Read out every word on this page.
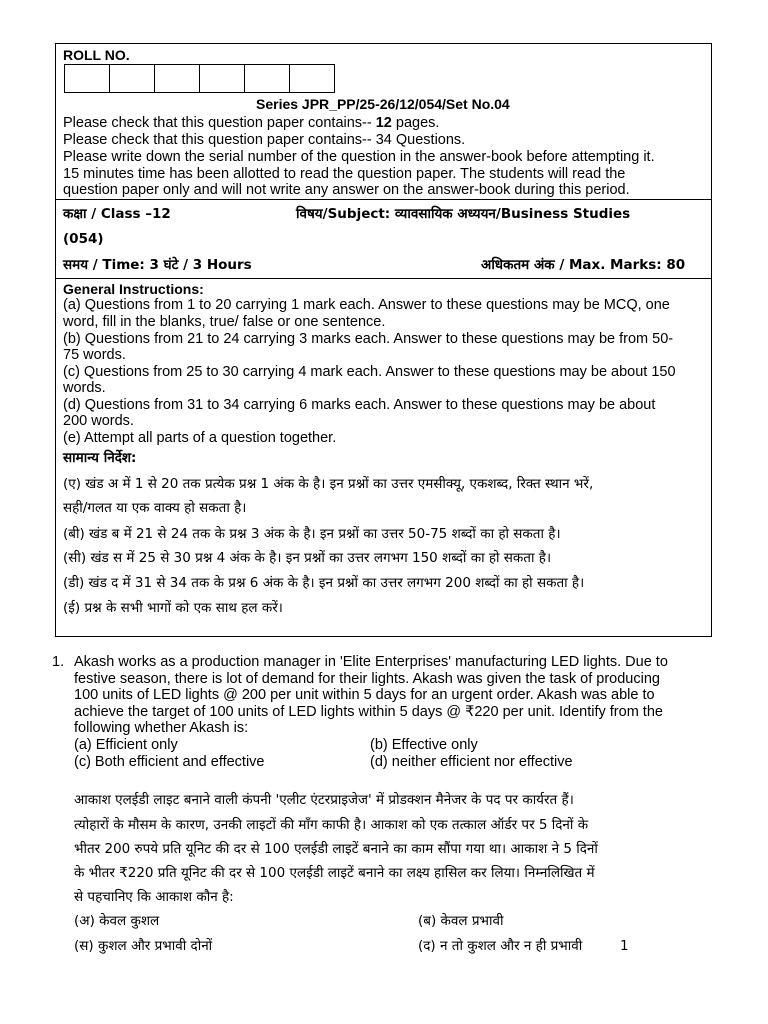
ROLL NO.
Series JPR_PP/25-26/12/054/Set No.04
Please check that this question paper contains-- 12 pages.
Please check that this question paper contains-- 34 Questions.
Please write down the serial number of the question in the answer-book before attempting it.
15 minutes time has been allotted to read the question paper. The students will read the
question paper only and will not write any answer on the answer-book during this period.
कक्षा / Class –12	विषय/Subject: व्यावसायिक अध्ययन/Business Studies
(054)
समय / Time: 3 घंटे / 3 Hours	अधिकतम अंक / Max. Marks: 80
General Instructions:
(a) Questions from 1 to 20 carrying 1 mark each. Answer to these questions may be MCQ, one
word, fill in the blanks, true/ false or one sentence.
(b) Questions from 21 to 24 carrying 3 marks each. Answer to these questions may be from 50-
75 words.
(c) Questions from 25 to 30 carrying 4 mark each. Answer to these questions may be about 150
words.
(d) Questions from 31 to 34 carrying 6 marks each. Answer to these questions may be about
200 words.
(e) Attempt all parts of a question together.
सामान्य निर्देश:
(ए) खंड अ में 1 से 20 तक प्रत्येक प्रश्न 1 अंक के है। इन प्रश्नों का उत्तर एमसीक्यू, एकशब्द, रिक्त स्थान भरें,
सही/गलत या एक वाक्य हो सकता है।
(बी) खंड ब में 21 से 24 तक के प्रश्न 3 अंक के है। इन प्रश्नों का उत्तर 50-75 शब्दों का हो सकता है।
(सी) खंड स में 25 से 30 प्रश्न 4 अंक के है। इन प्रश्नों का उत्तर लगभग 150 शब्दों का हो सकता है।
(डी) खंड द में 31 से 34 तक के प्रश्न 6 अंक के है। इन प्रश्नों का उत्तर लगभग 200 शब्दों का हो सकता है।
(ई) प्रश्न के सभी भागों को एक साथ हल करें।
1. Akash works as a production manager in 'Elite Enterprises' manufacturing LED lights. Due to
festive season, there is lot of demand for their lights. Akash was given the task of producing
100 units of LED lights @ 200 per unit within 5 days for an urgent order. Akash was able to
achieve the target of 100 units of LED lights within 5 days @ ₹220 per unit. Identify from the
following whether Akash is:
(a) Efficient only	(b) Effective only
(c) Both efficient and effective	(d) neither efficient nor effective
आकाश एलईडी लाइट बनाने वाली कंपनी 'एलीट एंटरप्राइजेज' में प्रोडक्शन मैनेजर के पद पर कार्यरत हैं।
त्योहारों के मौसम के कारण, उनकी लाइटों की माँग काफी है। आकाश को एक तत्काल ऑर्डर पर 5 दिनों के
भीतर 200 रुपये प्रति यूनिट की दर से 100 एलईडी लाइटें बनाने का काम सौंपा गया था। आकाश ने 5 दिनों
के भीतर ₹220 प्रति यूनिट की दर से 100 एलईडी लाइटें बनाने का लक्ष्य हासिल कर लिया। निम्नलिखित में
से पहचानिए कि आकाश कौन है:
(अ) केवल कुशल	(ब) केवल प्रभावी
(स) कुशल और प्रभावी दोनों	(द) न तो कुशल और न ही प्रभावी	1
